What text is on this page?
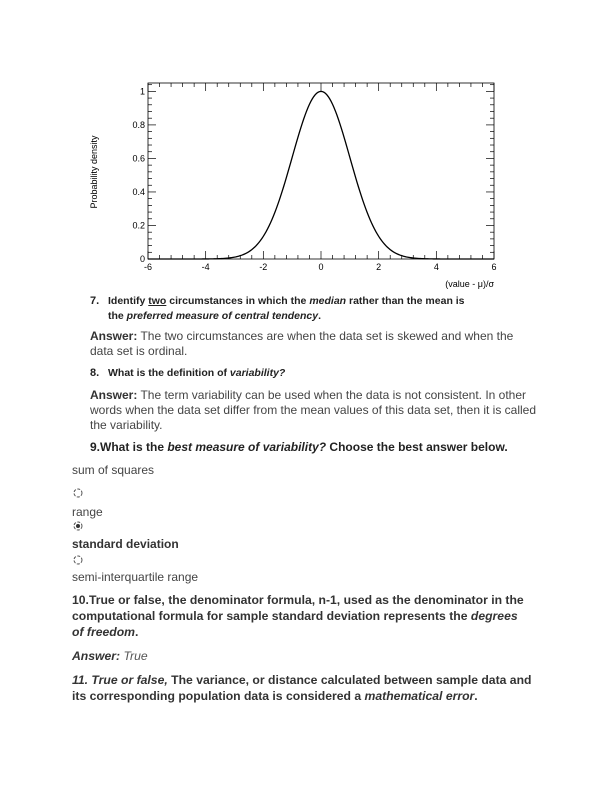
-6	-4	-2	0	2	4	6
0
0.2
0.4
0.6
0.8
1
Probability density
(value - μ)/σ
7. Identify two circumstances in which the median rather than the mean is
the preferred measure of central tendency.
Answer: The two circumstances are when the data set is skewed and when the data set is ordinal.
8. What is the definition of variability?
Answer: The term variability can be used when the data is not consistent. In other words when the data set differ from the mean values of this data set, then it is called the variability.
9.What is the best measure of variability? Choose the best answer below.
sum of squares
range
standard deviation
semi-interquartile range
10.True or false, the denominator formula, n-1, used as the denominator in the computational formula for sample standard deviation represents the degrees of freedom.
Answer: True
11. True or false, The variance, or distance calculated between sample data and its corresponding population data is considered a mathematical error.
